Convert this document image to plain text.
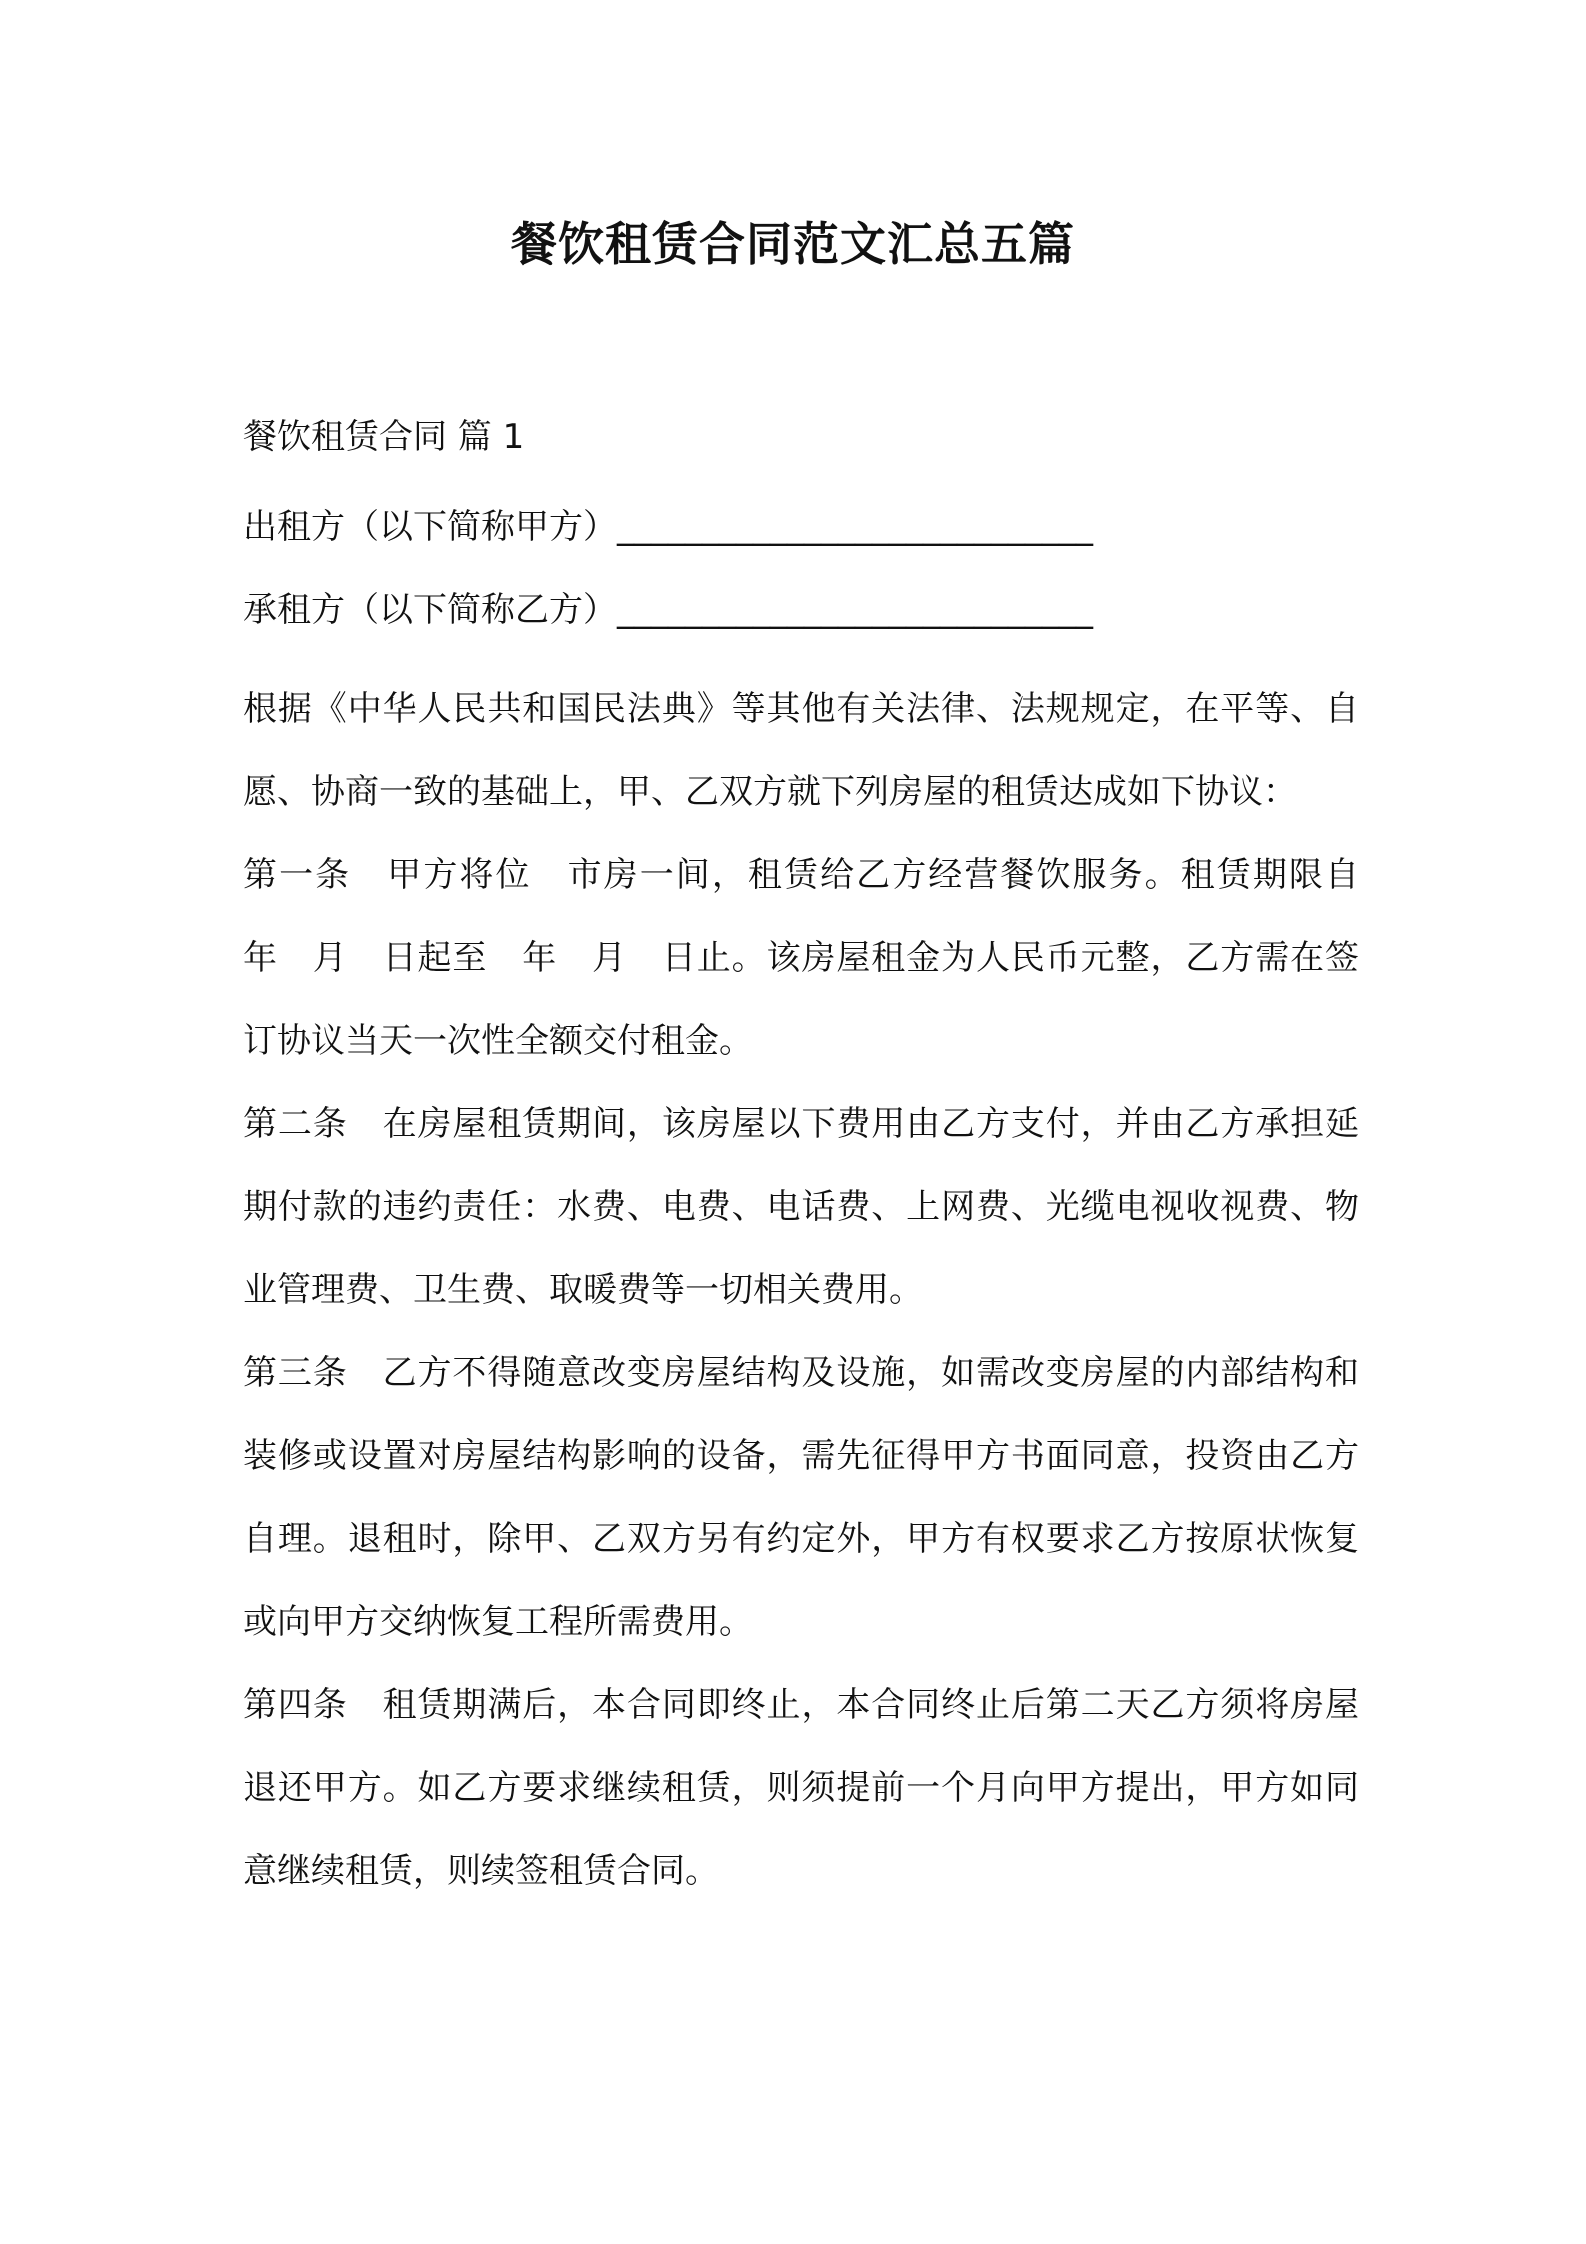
餐饮租赁合同范文汇总五篇
餐饮租赁合同 篇 1
出租方（以下简称甲方）____________________________
承租方（以下简称乙方）____________________________

根据《中华人民共和国民法典》等其他有关法律、法规规定，在平等、自愿、协商一致的基础上，甲、乙双方就下列房屋的租赁达成如下协议：

第一条　甲方将位　市房一间，租赁给乙方经营餐饮服务。租赁期限自　年　月　日起至　年　月　日止。该房屋租金为人民币元整，乙方需在签订协议当天一次性全额交付租金。

第二条　在房屋租赁期间，该房屋以下费用由乙方支付，并由乙方承担延期付款的违约责任：水费、电费、电话费、上网费、光缆电视收视费、物业管理费、卫生费、取暖费等一切相关费用。

第三条　乙方不得随意改变房屋结构及设施，如需改变房屋的内部结构和装修或设置对房屋结构影响的设备，需先征得甲方书面同意，投资由乙方自理。退租时，除甲、乙双方另有约定外，甲方有权要求乙方按原状恢复或向甲方交纳恢复工程所需费用。

第四条　租赁期满后，本合同即终止，本合同终止后第二天乙方须将房屋退还甲方。如乙方要求继续租赁，则须提前一个月向甲方提出，甲方如同意继续租赁，则续签租赁合同。
